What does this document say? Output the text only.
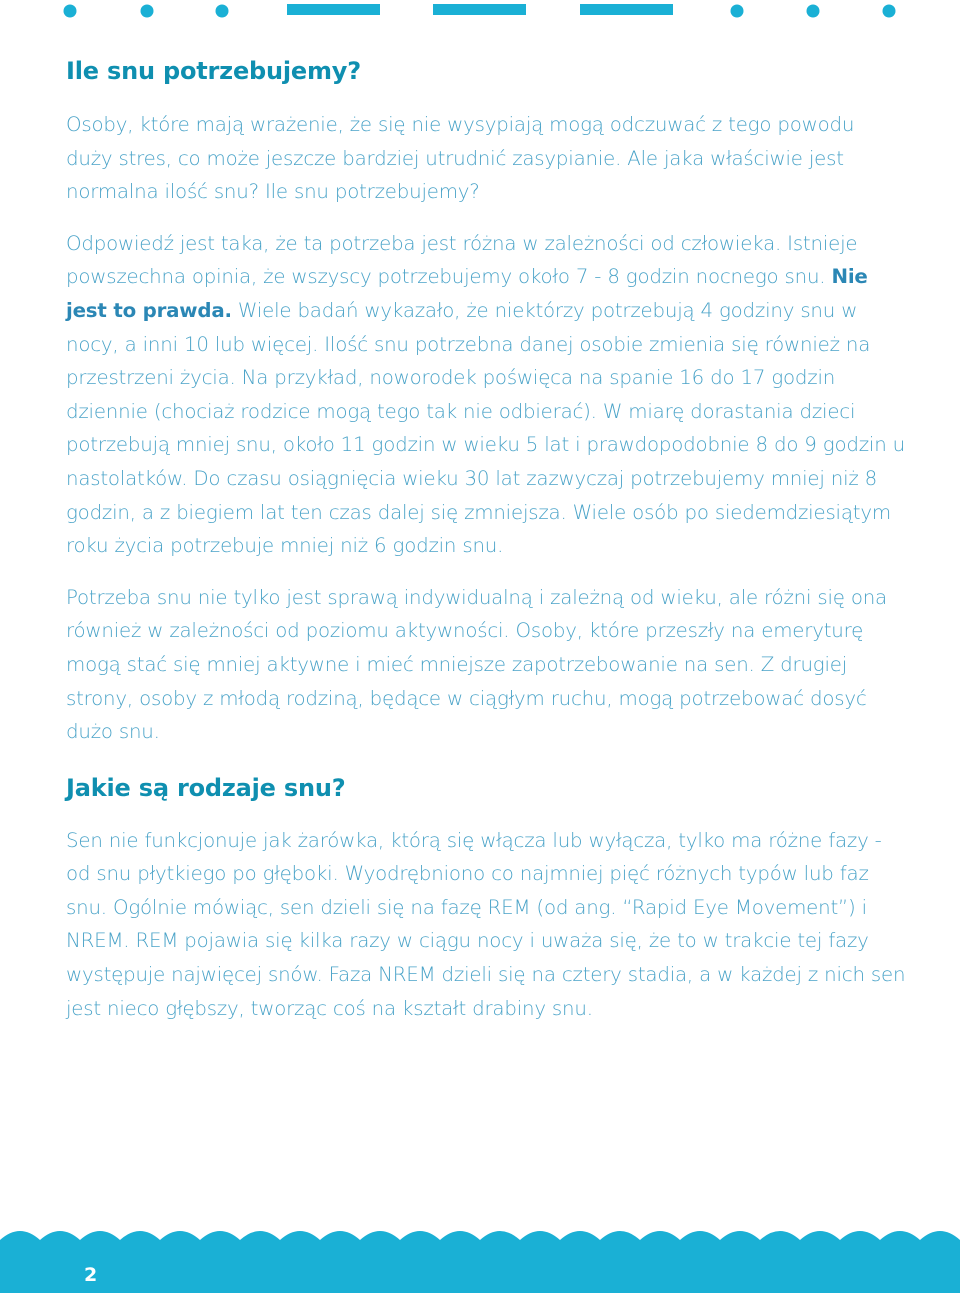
Ile snu potrzebujemy?

Osoby, które mają wrażenie, że się nie wysypiają mogą odczuwać z tego powodu duży stres, co może jeszcze bardziej utrudnić zasypianie. Ale jaka właściwie jest normalna ilość snu? Ile snu potrzebujemy?

Odpowiedź jest taka, że ta potrzeba jest różna w zależności od człowieka. Istnieje powszechna opinia, że wszyscy potrzebujemy około 7 - 8 godzin nocnego snu. Nie jest to prawda. Wiele badań wykazało, że niektórzy potrzebują 4 godziny snu w nocy, a inni 10 lub więcej. Ilość snu potrzebna danej osobie zmienia się również na przestrzeni życia. Na przykład, noworodek poświęca na spanie 16 do 17 godzin dziennie (chociaż rodzice mogą tego tak nie odbierać). W miarę dorastania dzieci potrzebują mniej snu, około 11 godzin w wieku 5 lat i prawdopodobnie 8 do 9 godzin u nastolatków. Do czasu osiągnięcia wieku 30 lat zazwyczaj potrzebujemy mniej niż 8 godzin, a z biegiem lat ten czas dalej się zmniejsza. Wiele osób po siedemdziesiątym roku życia potrzebuje mniej niż 6 godzin snu.

Potrzeba snu nie tylko jest sprawą indywidualną i zależną od wieku, ale różni się ona również w zależności od poziomu aktywności. Osoby, które przeszły na emeryturę mogą stać się mniej aktywne i mieć mniejsze zapotrzebowanie na sen. Z drugiej strony, osoby z młodą rodziną, będące w ciągłym ruchu, mogą potrzebować dosyć dużo snu.

Jakie są rodzaje snu?

Sen nie funkcjonuje jak żarówka, którą się włącza lub wyłącza, tylko ma różne fazy - od snu płytkiego po głęboki. Wyodrębniono co najmniej pięć różnych typów lub faz snu. Ogólnie mówiąc, sen dzieli się na fazę REM (od ang. “Rapid Eye Movement”) i NREM. REM pojawia się kilka razy w ciągu nocy i uważa się, że to w trakcie tej fazy występuje najwięcej snów. Faza NREM dzieli się na cztery stadia, a w każdej z nich sen jest nieco głębszy, tworząc coś na kształt drabiny snu.

2
